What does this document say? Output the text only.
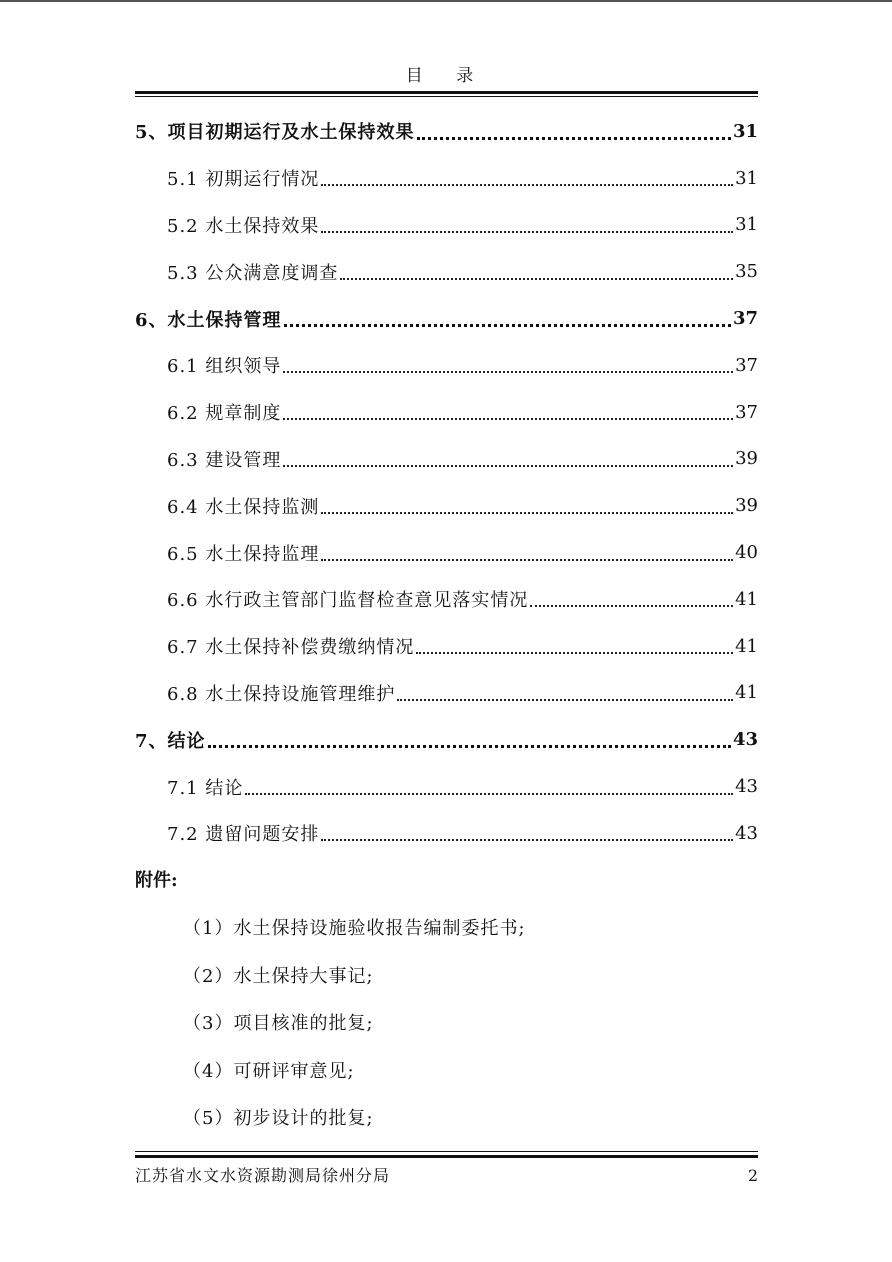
目 录
5、项目初期运行及水土保持效果	31
5.1 初期运行情况	31
5.2 水土保持效果	31
5.3 公众满意度调查	35
6、水土保持管理	37
6.1 组织领导	37
6.2 规章制度	37
6.3 建设管理	39
6.4 水土保持监测	39
6.5 水土保持监理	40
6.6 水行政主管部门监督检查意见落实情况	41
6.7 水土保持补偿费缴纳情况	41
6.8 水土保持设施管理维护	41
7、结论	43
7.1 结论	43
7.2 遗留问题安排	43
附件:
（1）水土保持设施验收报告编制委托书;
（2）水土保持大事记;
（3）项目核准的批复;
（4）可研评审意见;
（5）初步设计的批复;
江苏省水文水资源勘测局徐州分局	2
